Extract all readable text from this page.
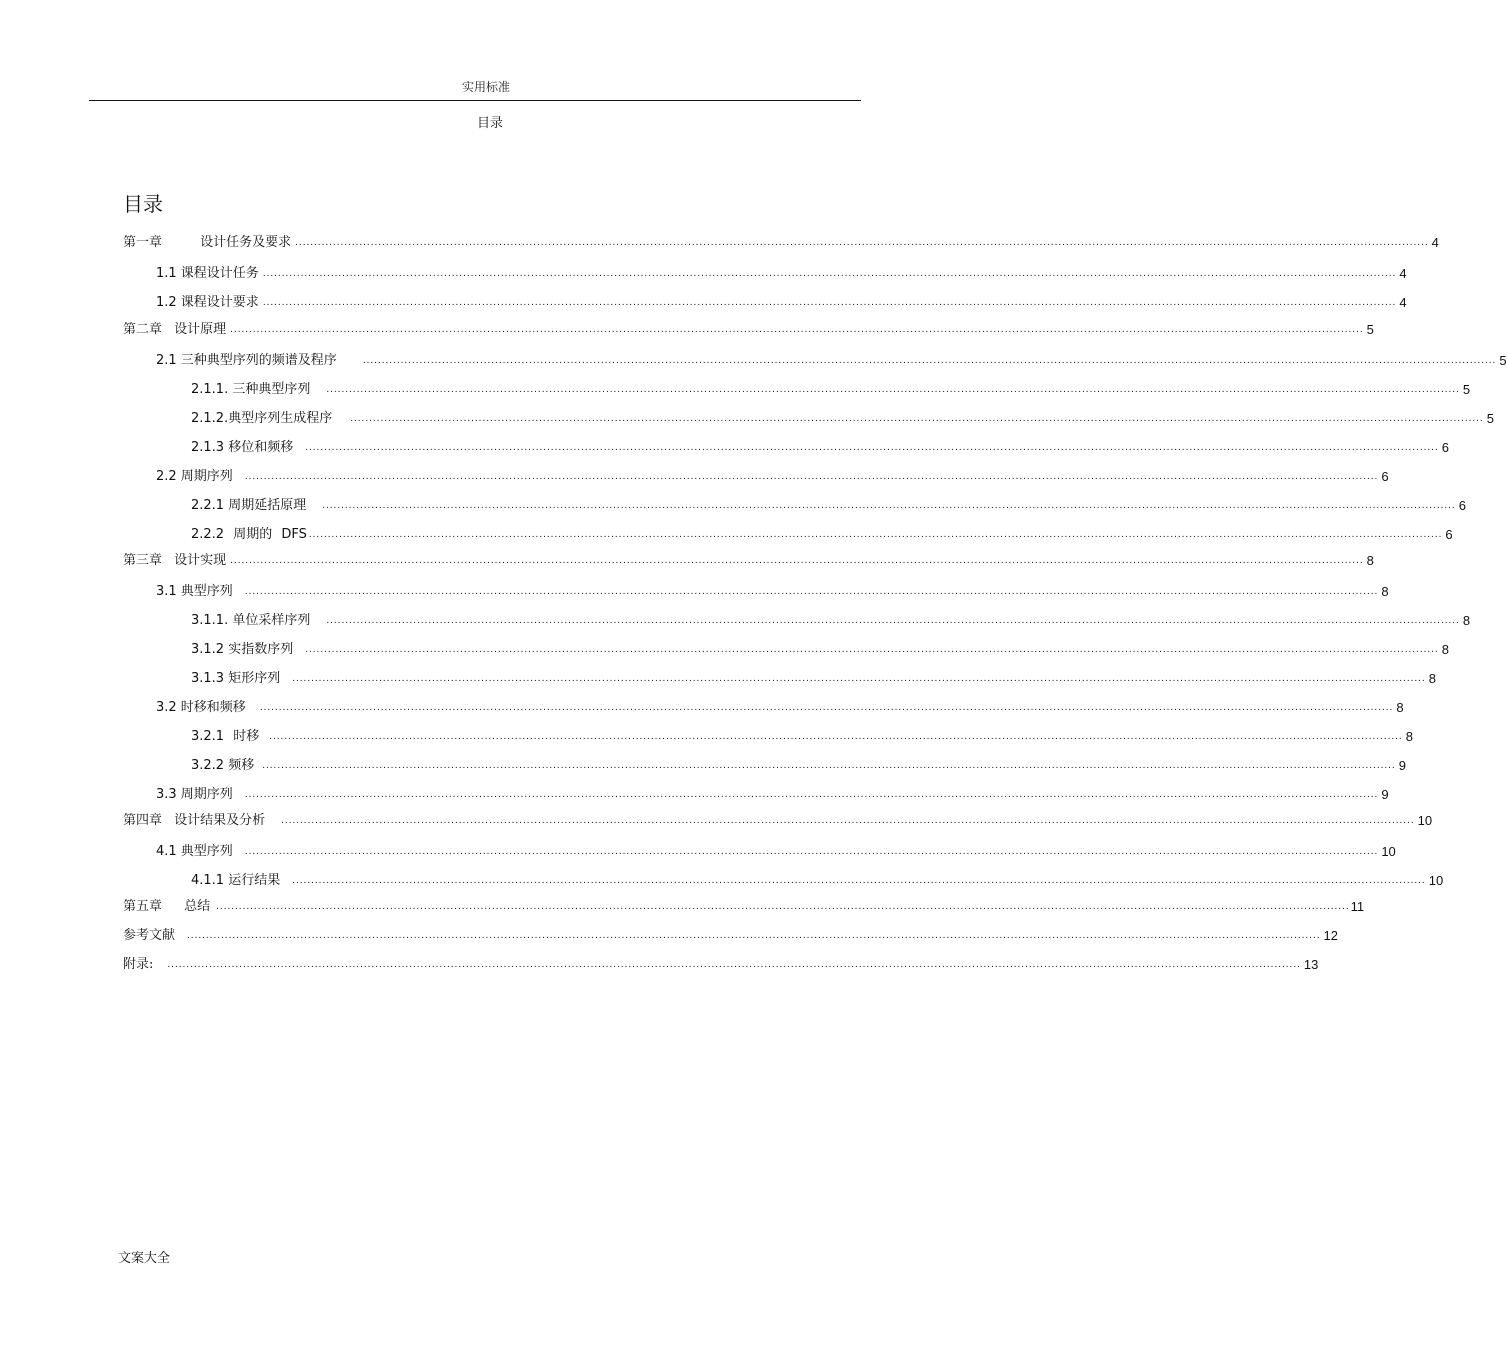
实用标准
目录
目录
第一章 设计任务及要求 ............................................................................................................................................................................................................................................................................................................ 4
1.1 课程设计任务 ............................................................................................................................................................................................................................................................................................................ 4
1.2 课程设计要求 ............................................................................................................................................................................................................................................................................................................ 4
第二章 设计原理 ............................................................................................................................................................................................................................................................................................................ 5
2.1 三种典型序列的频谱及程序	............................................................................................................................................................................................................................................................................................................ 5
2.1.1. 三种典型序列 ............................................................................................................................................................................................................................................................................................................ 5
2.1.2.典型序列生成程序 ............................................................................................................................................................................................................................................................................................................ 5
2.1.3 移位和频移 ............................................................................................................................................................................................................................................................................................................ 6
2.2 周期序列 ............................................................................................................................................................................................................................................................................................................ 6
2.2.1 周期延括原理 ............................................................................................................................................................................................................................................................................................................ 6
2.2.2 周期的 DFS ............................................................................................................................................................................................................................................................................................................ 6
第三章 设计实现 ............................................................................................................................................................................................................................................................................................................ 8
3.1 典型序列 ............................................................................................................................................................................................................................................................................................................ 8
3.1.1. 单位采样序列 ............................................................................................................................................................................................................................................................................................................ 8
3.1.2 实指数序列 ............................................................................................................................................................................................................................................................................................................ 8
3.1.3 矩形序列 ............................................................................................................................................................................................................................................................................................................ 8
3.2 时移和频移 ............................................................................................................................................................................................................................................................................................................ 8
3.2.1 时移 ............................................................................................................................................................................................................................................................................................................ 8
3.2.2 频移 ............................................................................................................................................................................................................................................................................................................ 9
3.3 周期序列 ............................................................................................................................................................................................................................................................................................................ 9
第四章 设计结果及分析 ............................................................................................................................................................................................................................................................................................................ 10
4.1 典型序列 ............................................................................................................................................................................................................................................................................................................ 10
4.1.1 运行结果 ............................................................................................................................................................................................................................................................................................................ 10
第五章 总结 ............................................................................................................................................................................................................................................................................................................ 11
参考文献 ............................................................................................................................................................................................................................................................................................................ 12
附录: ............................................................................................................................................................................................................................................................................................................ 13
文案大全
